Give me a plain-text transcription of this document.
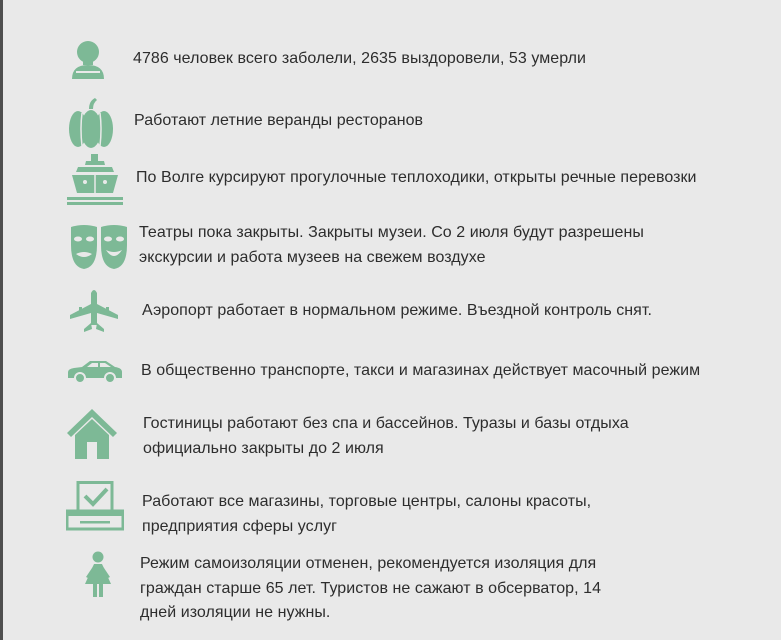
4786 человек всего заболели, 2635 выздоровели, 53 умерли
Работают летние веранды ресторанов
По Волге курсируют прогулочные теплоходики, открыты речные перевозки
Театры пока закрыты. Закрыты музеи. Со 2 июля будут разрешены
экскурсии и работа музеев на свежем воздухе
Аэропорт работает в нормальном режиме. Въездной контроль снят.
В общественно транспорте, такси и магазинах действует масочный режим
Гостиницы работают без спа и бассейнов. Туразы и базы отдыха
официально закрыты до 2 июля
Работают все магазины, торговые центры, салоны красоты,
предприятия сферы услуг
Режим самоизоляции отменен, рекомендуется изоляция для
граждан старше 65 лет. Туристов не сажают в обсерватор, 14
дней изоляции не нужны.
